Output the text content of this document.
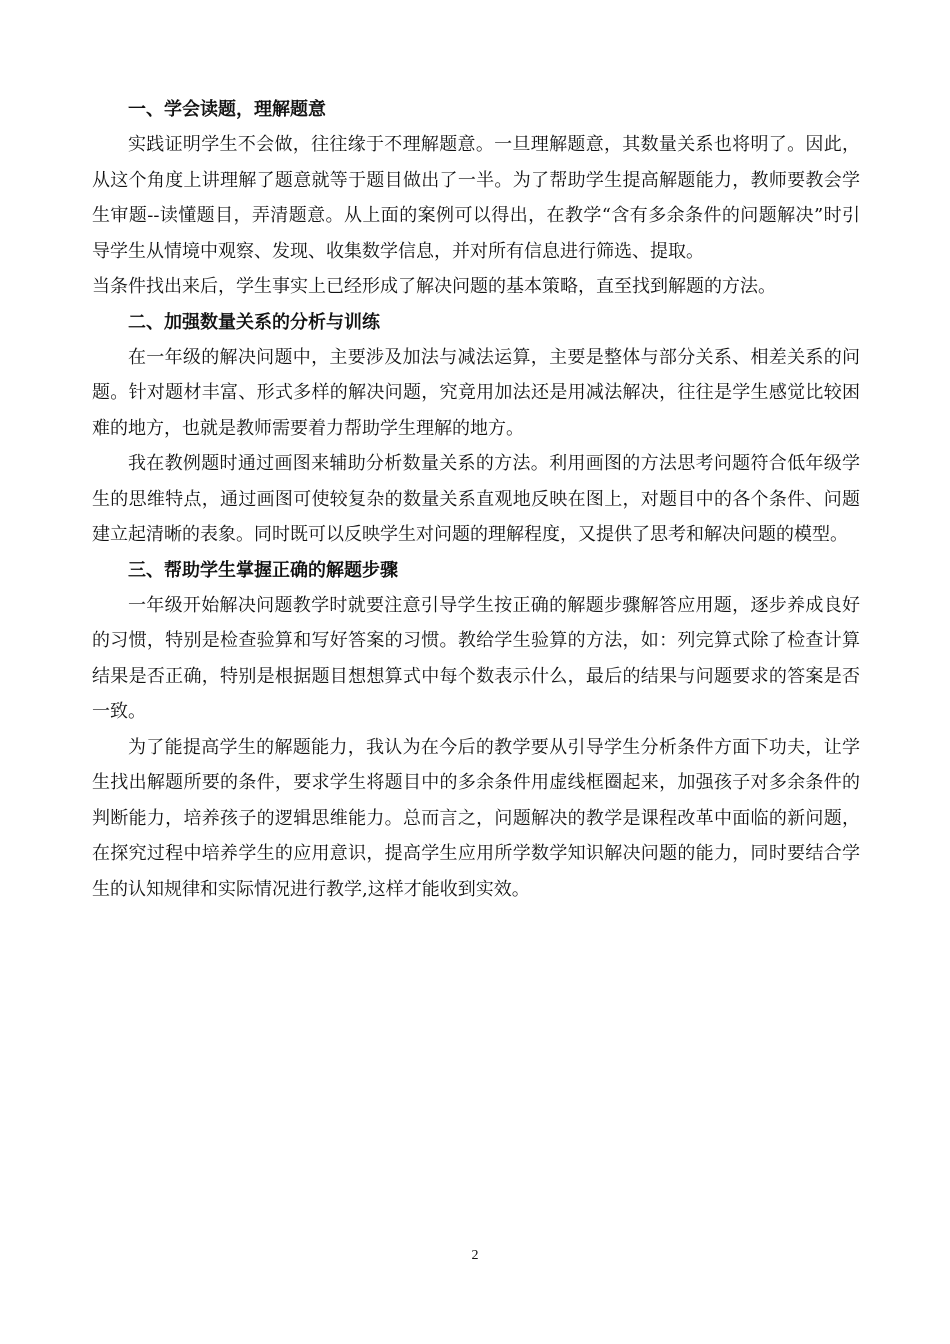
一、学会读题，理解题意

实践证明学生不会做，往往缘于不理解题意。一旦理解题意，其数量关系也将明了。因此，从这个角度上讲理解了题意就等于题目做出了一半。为了帮助学生提高解题能力，教师要教会学生审题--读懂题目，弄清题意。从上面的案例可以得出，在教学“含有多余条件的问题解决”时引导学生从情境中观察、发现、收集数学信息，并对所有信息进行筛选、提取。

当条件找出来后，学生事实上已经形成了解决问题的基本策略，直至找到解题的方法。

二、加强数量关系的分析与训练

在一年级的解决问题中，主要涉及加法与减法运算，主要是整体与部分关系、相差关系的问题。针对题材丰富、形式多样的解决问题，究竟用加法还是用减法解决，往往是学生感觉比较困难的地方，也就是教师需要着力帮助学生理解的地方。

我在教例题时通过画图来辅助分析数量关系的方法。利用画图的方法思考问题符合低年级学生的思维特点，通过画图可使较复杂的数量关系直观地反映在图上，对题目中的各个条件、问题建立起清晰的表象。同时既可以反映学生对问题的理解程度，又提供了思考和解决问题的模型。

三、帮助学生掌握正确的解题步骤

一年级开始解决问题教学时就要注意引导学生按正确的解题步骤解答应用题，逐步养成良好的习惯，特别是检查验算和写好答案的习惯。教给学生验算的方法，如：列完算式除了检查计算结果是否正确，特别是根据题目想想算式中每个数表示什么，最后的结果与问题要求的答案是否一致。

为了能提高学生的解题能力，我认为在今后的教学要从引导学生分析条件方面下功夫，让学生找出解题所要的条件，要求学生将题目中的多余条件用虚线框圈起来，加强孩子对多余条件的判断能力，培养孩子的逻辑思维能力。总而言之，问题解决的教学是课程改革中面临的新问题，在探究过程中培养学生的应用意识，提高学生应用所学数学知识解决问题的能力，同时要结合学生的认知规律和实际情况进行教学,这样才能收到实效。

2
